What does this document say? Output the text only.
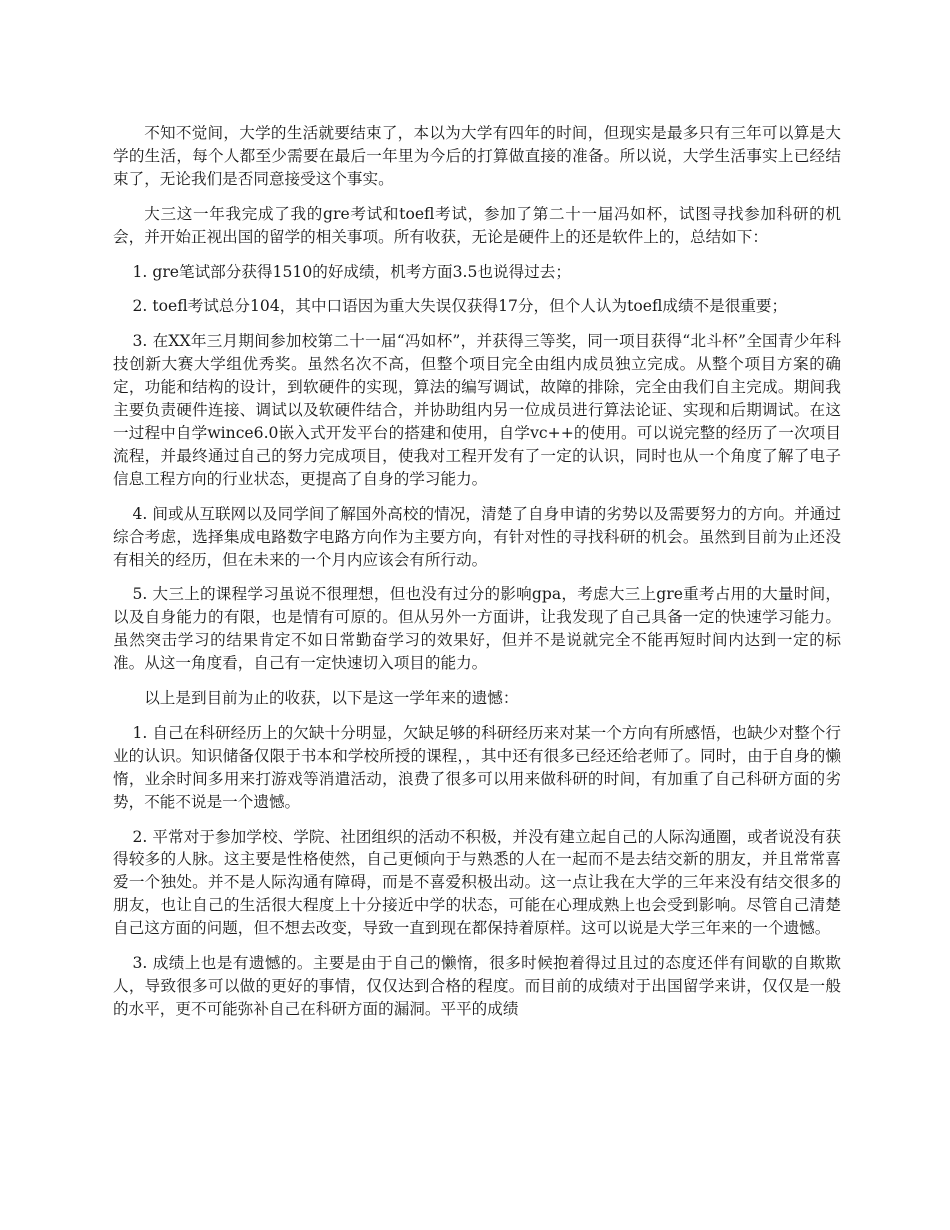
不知不觉间，大学的生活就要结束了，本以为大学有四年的时间，但现实是最多只有三年可以算是大学的生活，每个人都至少需要在最后一年里为今后的打算做直接的准备。所以说，大学生活事实上已经结束了，无论我们是否同意接受这个事实。

大三这一年我完成了我的gre考试和toefl考试，参加了第二十一届冯如杯，试图寻找参加科研的机会，并开始正视出国的留学的相关事项。所有收获，无论是硬件上的还是软件上的，总结如下：

1. gre笔试部分获得1510的好成绩，机考方面3.5也说得过去；

2. toefl考试总分104，其中口语因为重大失误仅获得17分，但个人认为toefl成绩不是很重要；

3. 在XX年三月期间参加校第二十一届“冯如杯”，并获得三等奖，同一项目获得“北斗杯”全国青少年科技创新大赛大学组优秀奖。虽然名次不高，但整个项目完全由组内成员独立完成。从整个项目方案的确定，功能和结构的设计，到软硬件的实现，算法的编写调试，故障的排除，完全由我们自主完成。期间我主要负责硬件连接、调试以及软硬件结合，并协助组内另一位成员进行算法论证、实现和后期调试。在这一过程中自学wince6.0嵌入式开发平台的搭建和使用，自学vc++的使用。可以说完整的经历了一次项目流程，并最终通过自己的努力完成项目，使我对工程开发有了一定的认识，同时也从一个角度了解了电子信息工程方向的行业状态，更提高了自身的学习能力。

4. 间或从互联网以及同学间了解国外高校的情况，清楚了自身申请的劣势以及需要努力的方向。并通过综合考虑，选择集成电路数字电路方向作为主要方向，有针对性的寻找科研的机会。虽然到目前为止还没有相关的经历，但在未来的一个月内应该会有所行动。

5. 大三上的课程学习虽说不很理想，但也没有过分的影响gpa，考虑大三上gre重考占用的大量时间，以及自身能力的有限，也是情有可原的。但从另外一方面讲，让我发现了自己具备一定的快速学习能力。虽然突击学习的结果肯定不如日常勤奋学习的效果好，但并不是说就完全不能再短时间内达到一定的标准。从这一角度看，自己有一定快速切入项目的能力。

以上是到目前为止的收获，以下是这一学年来的遗憾：

1. 自己在科研经历上的欠缺十分明显，欠缺足够的科研经历来对某一个方向有所感悟，也缺少对整个行业的认识。知识储备仅限于书本和学校所授的课程，，其中还有很多已经还给老师了。同时，由于自身的懒惰，业余时间多用来打游戏等消遣活动，浪费了很多可以用来做科研的时间，有加重了自己科研方面的劣势，不能不说是一个遗憾。

2. 平常对于参加学校、学院、社团组织的活动不积极，并没有建立起自己的人际沟通圈，或者说没有获得较多的人脉。这主要是性格使然，自己更倾向于与熟悉的人在一起而不是去结交新的朋友，并且常常喜爱一个独处。并不是人际沟通有障碍，而是不喜爱积极出动。这一点让我在大学的三年来没有结交很多的朋友，也让自己的生活很大程度上十分接近中学的状态，可能在心理成熟上也会受到影响。尽管自己清楚自己这方面的问题，但不想去改变，导致一直到现在都保持着原样。这可以说是大学三年来的一个遗憾。

3. 成绩上也是有遗憾的。主要是由于自己的懒惰，很多时候抱着得过且过的态度还伴有间歇的自欺欺人，导致很多可以做的更好的事情，仅仅达到合格的程度。而目前的成绩对于出国留学来讲，仅仅是一般的水平，更不可能弥补自己在科研方面的漏洞。平平的成绩
